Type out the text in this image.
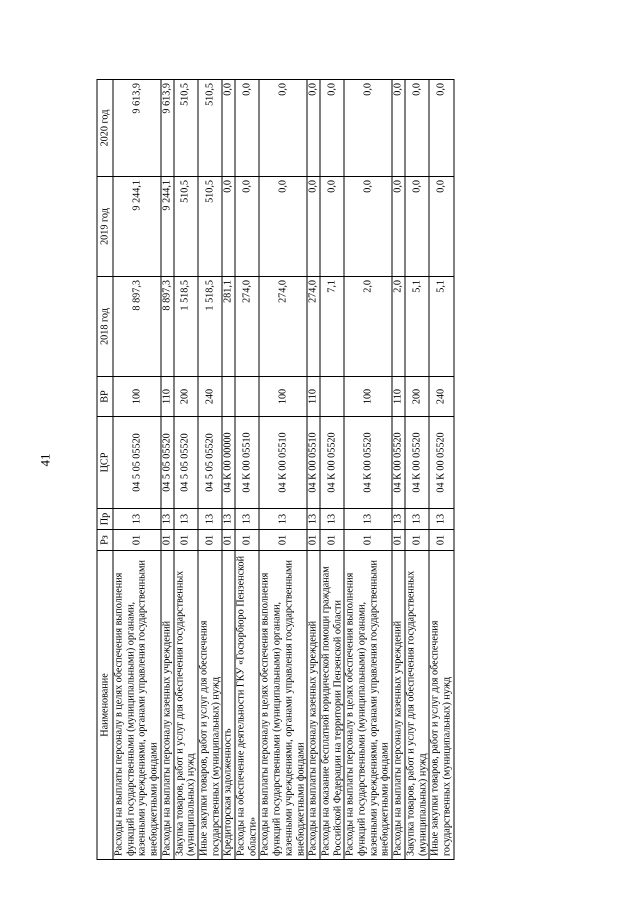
41
Наименование	Рз	Пр	ЦСР	ВР	2018 год	2019 год	2020 год
Расходы на выплаты персоналу в целях обеспечения выполнения функций государственными (муниципальными) органами, казенными учреждениями, органами управления государственными внебюджетными фондами	01	13	04 5 05 05520	100	8 897,3	9 244,1	9 613,9
Расходы на выплаты персоналу казенных учреждений	01	13	04 5 05 05520	110	8 897,3	9 244,1	9 613,9
Закупка товаров, работ и услуг для обеспечения государственных (муниципальных) нужд	01	13	04 5 05 05520	200	1 518,5	510,5	510,5
Иные закупки товаров, работ и услуг для обеспечения государственных (муниципальных) нужд	01	13	04 5 05 05520	240	1 518,5	510,5	510,5
Кредиторская задолженность	01	13	04 К 00 00000		281,1	0,0	0,0
Расходы на обеспечение деятельности ГКУ «Госюрбюро Пензенской области»	01	13	04 К 00 05510		274,0	0,0	0,0
Расходы на выплаты персоналу в целях обеспечения выполнения функций государственными (муниципальными) органами, казенными учреждениями, органами управления государственными внебюджетными фондами	01	13	04 К 00 05510	100	274,0	0,0	0,0
Расходы на выплаты персоналу казенных учреждений	01	13	04 К 00 05510	110	274,0	0,0	0,0
Расходы на оказание бесплатной юридической помощи гражданам Российской Федерации на территории Пензенской области	01	13	04 К 00 05520		7,1	0,0	0,0
Расходы на выплаты персоналу в целях обеспечения выполнения функций государственными (муниципальными) органами, казенными учреждениями, органами управления государственными внебюджетными фондами	01	13	04 К 00 05520	100	2,0	0,0	0,0
Расходы на выплаты персоналу казенных учреждений	01	13	04 К 00 05520	110	2,0	0,0	0,0
Закупка товаров, работ и услуг для обеспечения государственных (муниципальных) нужд	01	13	04 К 00 05520	200	5,1	0,0	0,0
Иные закупки товаров, работ и услуг для обеспечения государственных (муниципальных) нужд	01	13	04 К 00 05520	240	5,1	0,0	0,0
